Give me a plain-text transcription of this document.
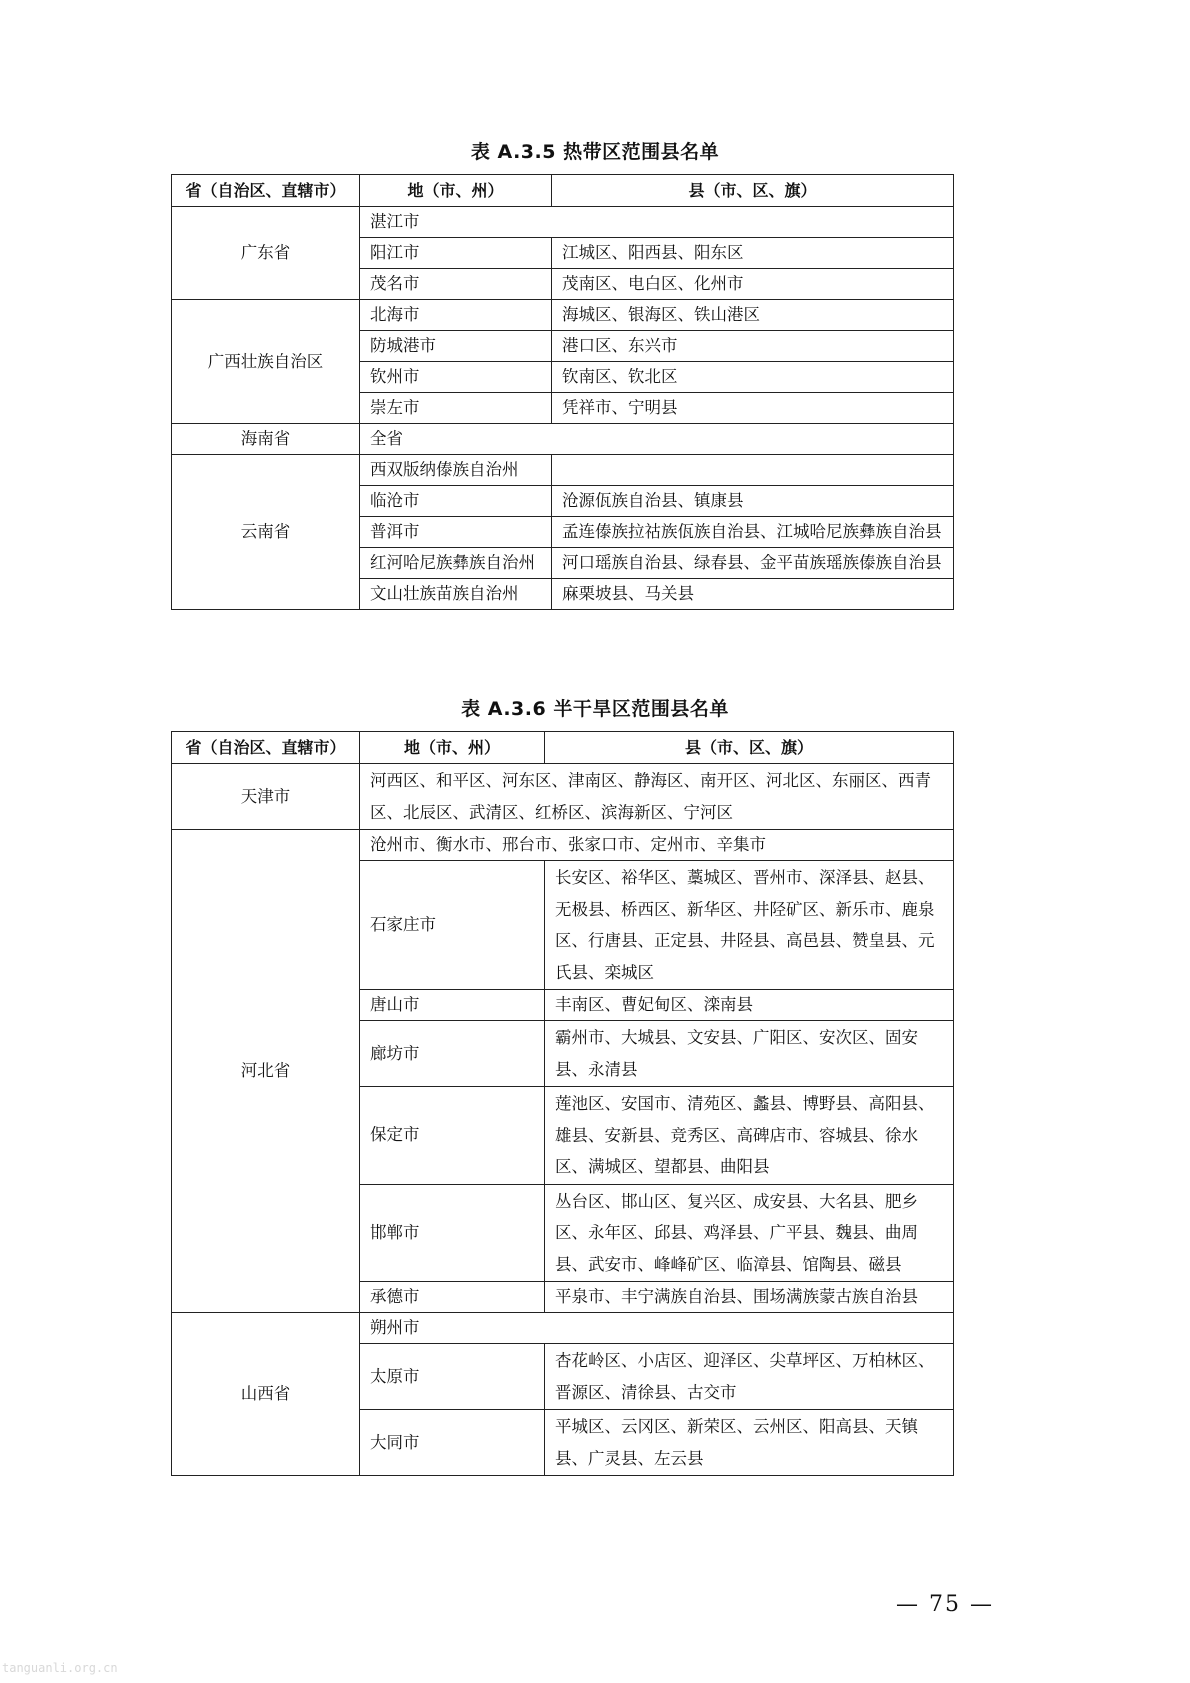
表 A.3.5 热带区范围县名单
省（自治区、直辖市）	地（市、州）	县（市、区、旗）
广东省	湛江市	
	阳江市	江城区、阳西县、阳东区
	茂名市	茂南区、电白区、化州市
广西壮族自治区	北海市	海城区、银海区、铁山港区
	防城港市	港口区、东兴市
	钦州市	钦南区、钦北区
	崇左市	凭祥市、宁明县
海南省	全省	
云南省	西双版纳傣族自治州	
	临沧市	沧源佤族自治县、镇康县
	普洱市	孟连傣族拉祜族佤族自治县、江城哈尼族彝族自治县
	红河哈尼族彝族自治州	河口瑶族自治县、绿春县、金平苗族瑶族傣族自治县
	文山壮族苗族自治州	麻栗坡县、马关县
表 A.3.6 半干旱区范围县名单
省（自治区、直辖市）	地（市、州）	县（市、区、旗）
天津市	河西区、和平区、河东区、津南区、静海区、南开区、河北区、东丽区、西青区、北辰区、武清区、红桥区、滨海新区、宁河区	
河北省	沧州市、衡水市、邢台市、张家口市、定州市、辛集市	
	石家庄市	长安区、裕华区、藁城区、晋州市、深泽县、赵县、无极县、桥西区、新华区、井陉矿区、新乐市、鹿泉区、行唐县、正定县、井陉县、高邑县、赞皇县、元氏县、栾城区
	唐山市	丰南区、曹妃甸区、滦南县
	廊坊市	霸州市、大城县、文安县、广阳区、安次区、固安县、永清县
	保定市	莲池区、安国市、清苑区、蠡县、博野县、高阳县、雄县、安新县、竞秀区、高碑店市、容城县、徐水区、满城区、望都县、曲阳县
	邯郸市	丛台区、邯山区、复兴区、成安县、大名县、肥乡区、永年区、邱县、鸡泽县、广平县、魏县、曲周县、武安市、峰峰矿区、临漳县、馆陶县、磁县
	承德市	平泉市、丰宁满族自治县、围场满族蒙古族自治县
山西省	朔州市	
	太原市	杏花岭区、小店区、迎泽区、尖草坪区、万柏林区、晋源区、清徐县、古交市
	大同市	平城区、云冈区、新荣区、云州区、阳高县、天镇县、广灵县、左云县
— 75 —
tanguanli.org.cn
